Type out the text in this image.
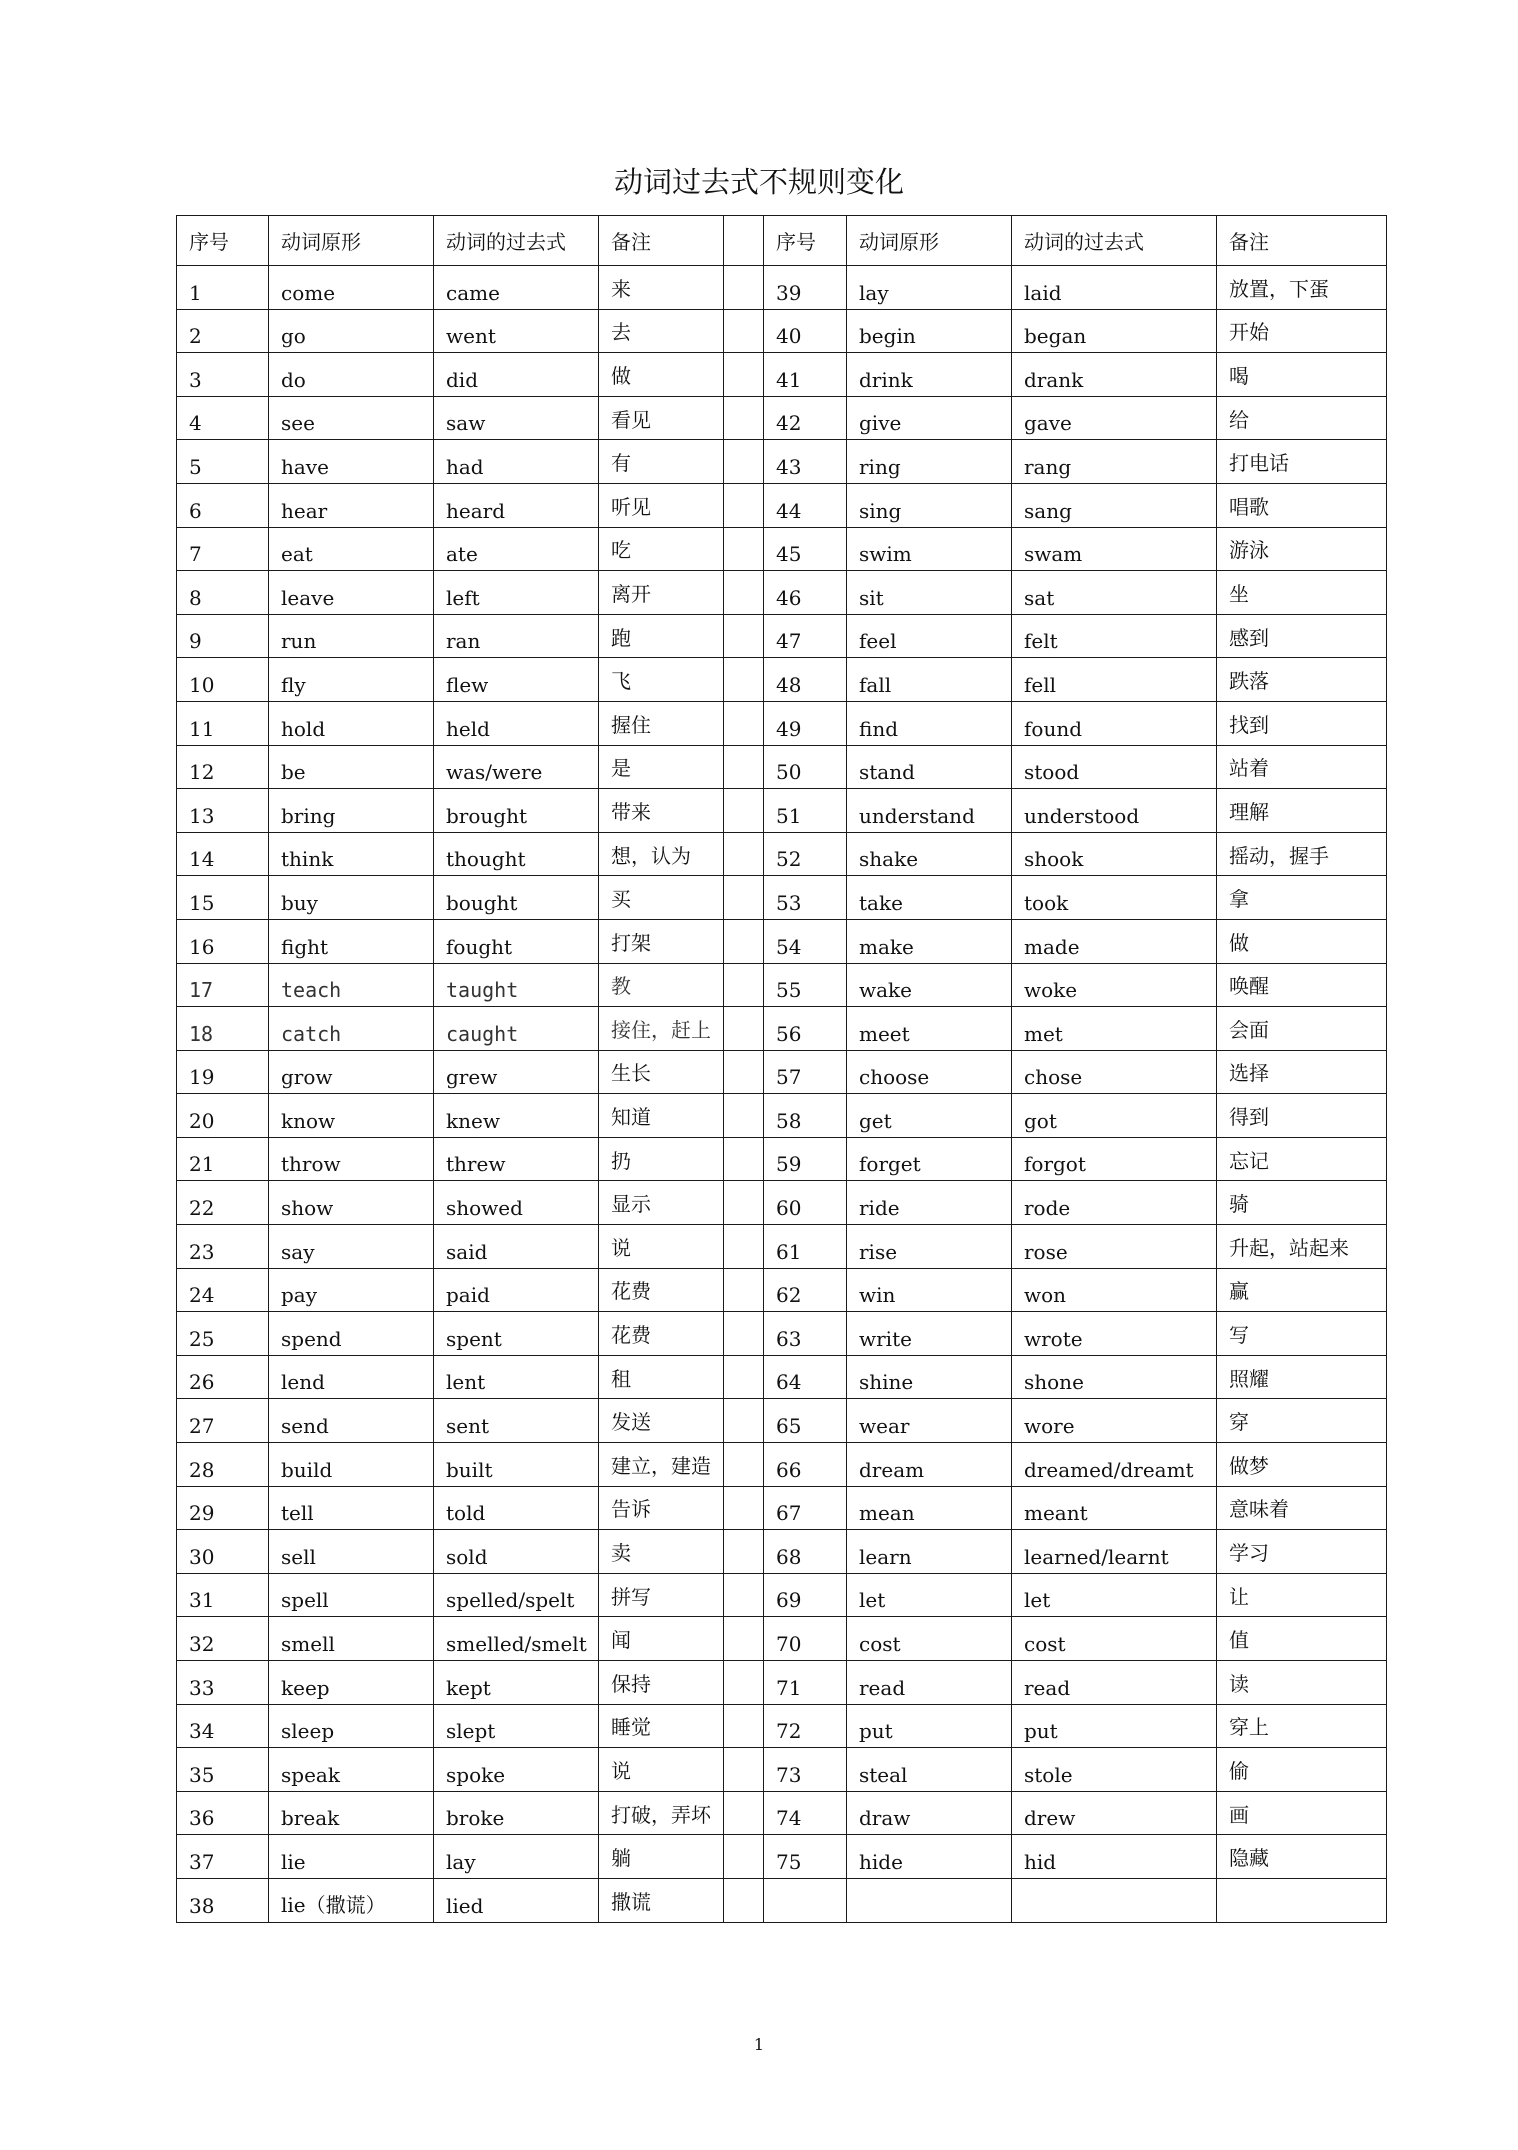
动词过去式不规则变化
序号	动词原形	动词的过去式	备注		序号	动词原形	动词的过去式	备注
1	come	came	来		39	lay	laid	放置，下蛋
2	go	went	去		40	begin	began	开始
3	do	did	做		41	drink	drank	喝
4	see	saw	看见		42	give	gave	给
5	have	had	有		43	ring	rang	打电话
6	hear	heard	听见		44	sing	sang	唱歌
7	eat	ate	吃		45	swim	swam	游泳
8	leave	left	离开		46	sit	sat	坐
9	run	ran	跑		47	feel	felt	感到
10	fly	flew	飞		48	fall	fell	跌落
11	hold	held	握住		49	find	found	找到
12	be	was/were	是		50	stand	stood	站着
13	bring	brought	带来		51	understand	understood	理解
14	think	thought	想，认为		52	shake	shook	摇动，握手
15	buy	bought	买		53	take	took	拿
16	fight	fought	打架		54	make	made	做
17	teach	taught	教		55	wake	woke	唤醒
18	catch	caught	接住，赶上		56	meet	met	会面
19	grow	grew	生长		57	choose	chose	选择
20	know	knew	知道		58	get	got	得到
21	throw	threw	扔		59	forget	forgot	忘记
22	show	showed	显示		60	ride	rode	骑
23	say	said	说		61	rise	rose	升起，站起来
24	pay	paid	花费		62	win	won	赢
25	spend	spent	花费		63	write	wrote	写
26	lend	lent	租		64	shine	shone	照耀
27	send	sent	发送		65	wear	wore	穿
28	build	built	建立，建造		66	dream	dreamed/dreamt	做梦
29	tell	told	告诉		67	mean	meant	意味着
30	sell	sold	卖		68	learn	learned/learnt	学习
31	spell	spelled/spelt	拼写		69	let	let	让
32	smell	smelled/smelt	闻		70	cost	cost	值
33	keep	kept	保持		71	read	read	读
34	sleep	slept	睡觉		72	put	put	穿上
35	speak	spoke	说		73	steal	stole	偷
36	break	broke	打破，弄坏		74	draw	drew	画
37	lie	lay	躺		75	hide	hid	隐藏
38	lie（撒谎）	lied	撒谎					
1
